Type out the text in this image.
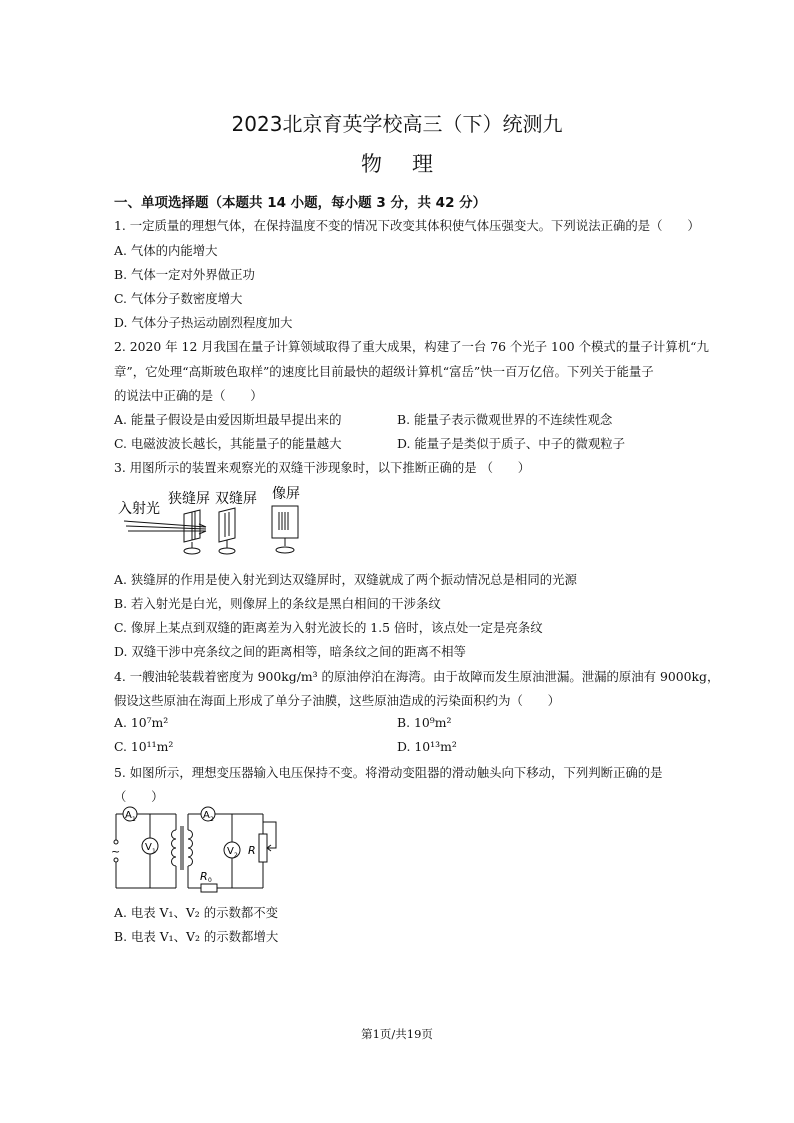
2023北京育英学校高三（下）统测九
物理
一、单项选择题（本题共 14 小题，每小题 3 分，共 42 分）
1. 一定质量的理想气体，在保持温度不变的情况下改变其体积使气体压强变大。下列说法正确的是（　　）
A. 气体的内能增大
B. 气体一定对外界做正功
C. 气体分子数密度增大
D. 气体分子热运动剧烈程度加大
2. 2020 年 12 月我国在量子计算领域取得了重大成果，构建了一台 76 个光子 100 个模式的量子计算机“九
章”，它处理“高斯玻色取样”的速度比目前最快的超级计算机“富岳”快一百万亿倍。下列关于能量子
的说法中正确的是（　　）
A. 能量子假设是由爱因斯坦最早提出来的	B. 能量子表示微观世界的不连续性观念
C. 电磁波波长越长，其能量子的能量越大	D. 能量子是类似于质子、中子的微观粒子
3. 用图所示的装置来观察光的双缝干涉现象时，以下推断正确的是 （　　）
入射光
狭缝屏 双缝屏 像屏
A. 狭缝屏的作用是使入射光到达双缝屏时，双缝就成了两个振动情况总是相同的光源
B. 若入射光是白光，则像屏上的条纹是黑白相间的干涉条纹
C. 像屏上某点到双缝的距离差为入射光波长的 1.5 倍时，该点处一定是亮条纹
D. 双缝干涉中亮条纹之间的距离相等，暗条纹之间的距离不相等
4. 一艘油轮装载着密度为 900kg/m³ 的原油停泊在海湾。由于故障而发生原油泄漏。泄漏的原油有 9000kg，
假设这些原油在海面上形成了单分子油膜，这些原油造成的污染面积约为（　　）
A. 10⁷m²	B. 10⁹m²
C. 10¹¹m²	D. 10¹³m²
5. 如图所示，理想变压器输入电压保持不变。将滑动变阻器的滑动触头向下移动，下列判断正确的是
（　　）
A 1
V 1
A 2
V 2 R
R 0
~
A. 电表 V₁、V₂ 的示数都不变
B. 电表 V₁、V₂ 的示数都增大
第1页/共19页
